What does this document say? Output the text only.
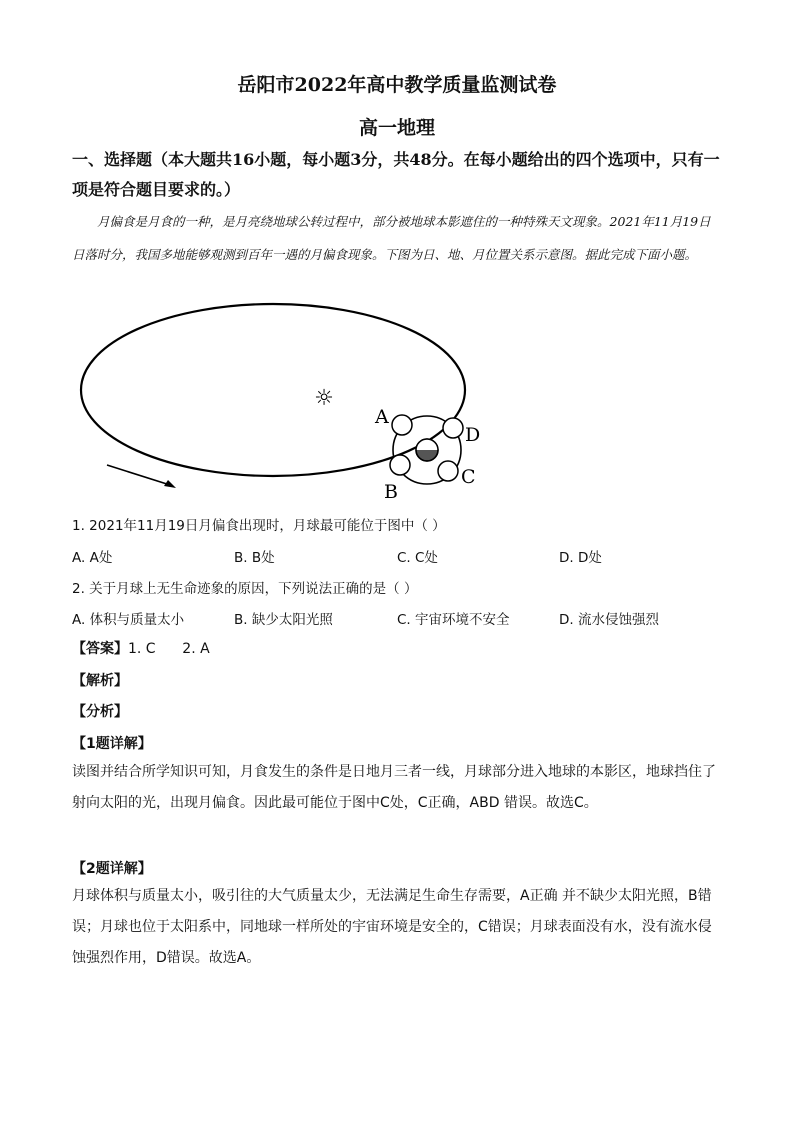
岳阳市2022年高中教学质量监测试卷
高一地理
一、选择题（本大题共16小题，每小题3分，共48分。在每小题给出的四个选项中，只有一项是符合题目要求的。）
月偏食是月食的一种，是月亮绕地球公转过程中，部分被地球本影遮住的一种特殊天文现象。2021年11月19日日落时分，我国多地能够观测到百年一遇的月偏食现象。下图为日、地、月位置关系示意图。据此完成下面小题。
☼
A
D
B
C
1. 2021年11月19日月偏食出现时，月球最可能位于图中（ ）
A. A处	B. B处	C. C处	D. D处
2. 关于月球上无生命迹象的原因，下列说法正确的是（ ）
A. 体积与质量太小	B. 缺少太阳光照	C. 宇宙环境不安全	D. 流水侵蚀强烈
【答案】1. C      2. A
【解析】
【分析】
【1题详解】
读图并结合所学知识可知，月食发生的条件是日地月三者一线，月球部分进入地球的本影区，地球挡住了射向太阳的光，出现月偏食。因此最可能位于图中C处，C正确，ABD 错误。故选C。
【2题详解】
月球体积与质量太小，吸引往的大气质量太少，无法满足生命生存需要，A正确 并不缺少太阳光照，B错误；月球也位于太阳系中，同地球一样所处的宇宙环境是安全的，C错误；月球表面没有水，没有流水侵蚀强烈作用，D错误。故选A。
